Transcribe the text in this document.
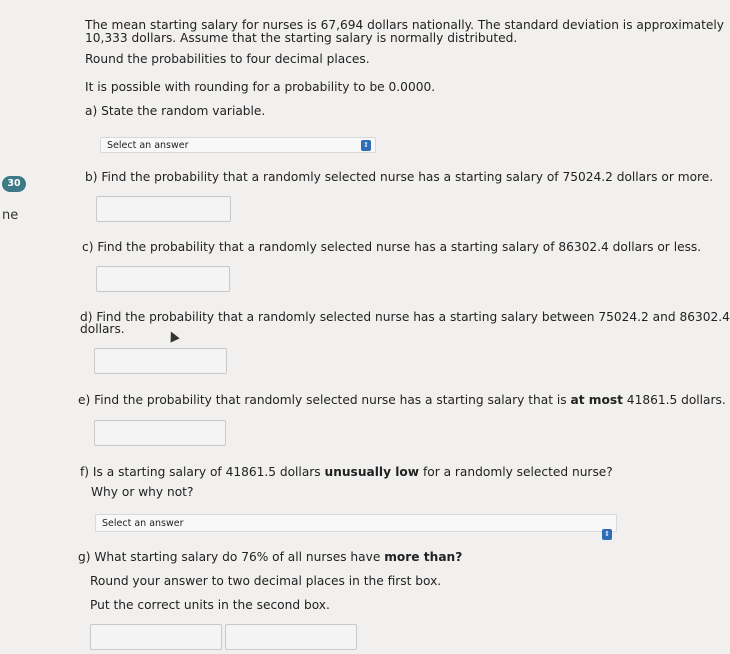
30
ne
The mean starting salary for nurses is 67,694 dollars nationally. The standard deviation is approximately
10,333 dollars. Assume that the starting salary is normally distributed.
Round the probabilities to four decimal places.
It is possible with rounding for a probability to be 0.0000.
a) State the random variable.
Select an answer	⇕
b) Find the probability that a randomly selected nurse has a starting salary of 75024.2 dollars or more.
c) Find the probability that a randomly selected nurse has a starting salary of 86302.4 dollars or less.
d) Find the probability that a randomly selected nurse has a starting salary between 75024.2 and 86302.4
dollars.
e) Find the probability that randomly selected nurse has a starting salary that is at most 41861.5 dollars.
f) Is a starting salary of 41861.5 dollars unusually low for a randomly selected nurse?
Why or why not?
Select an answer
⇕
g) What starting salary do 76% of all nurses have more than?
Round your answer to two decimal places in the first box.
Put the correct units in the second box.
